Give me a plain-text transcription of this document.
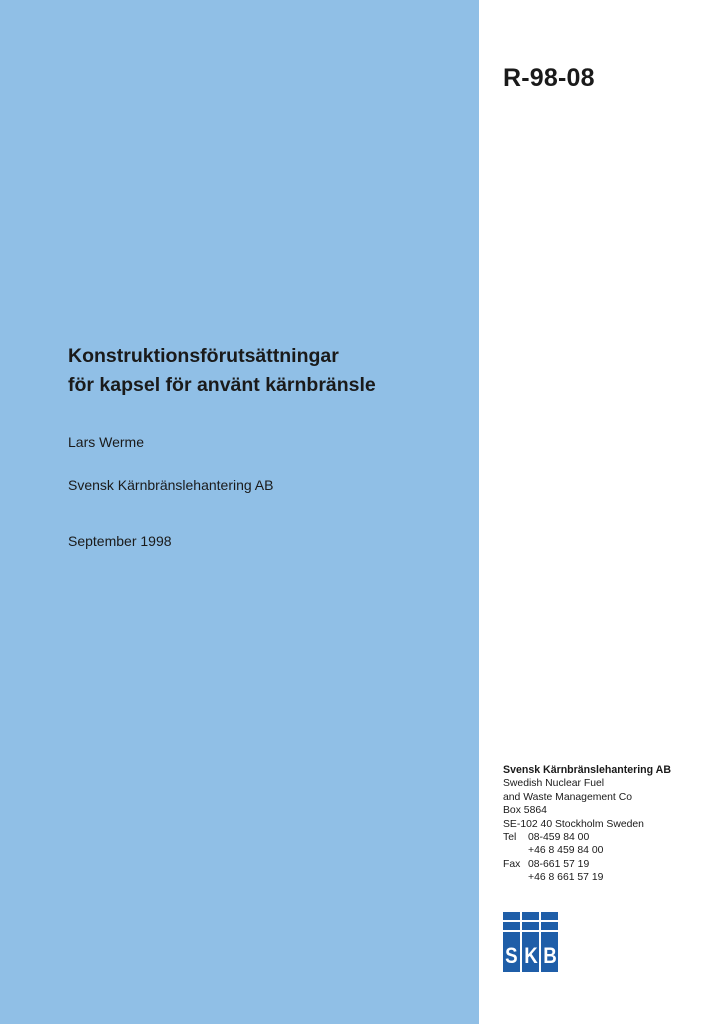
R-98-08
Konstruktionsförutsättningar
för kapsel för använt kärnbränsle
Lars Werme
Svensk Kärnbränslehantering AB
September 1998
Svensk Kärnbränslehantering AB
Swedish Nuclear Fuel
and Waste Management Co
Box 5864
SE-102 40 Stockholm Sweden
Tel	08-459 84 00
+46 8 459 84 00
Fax 08-661 57 19
+46 8 661 57 19
S K B
